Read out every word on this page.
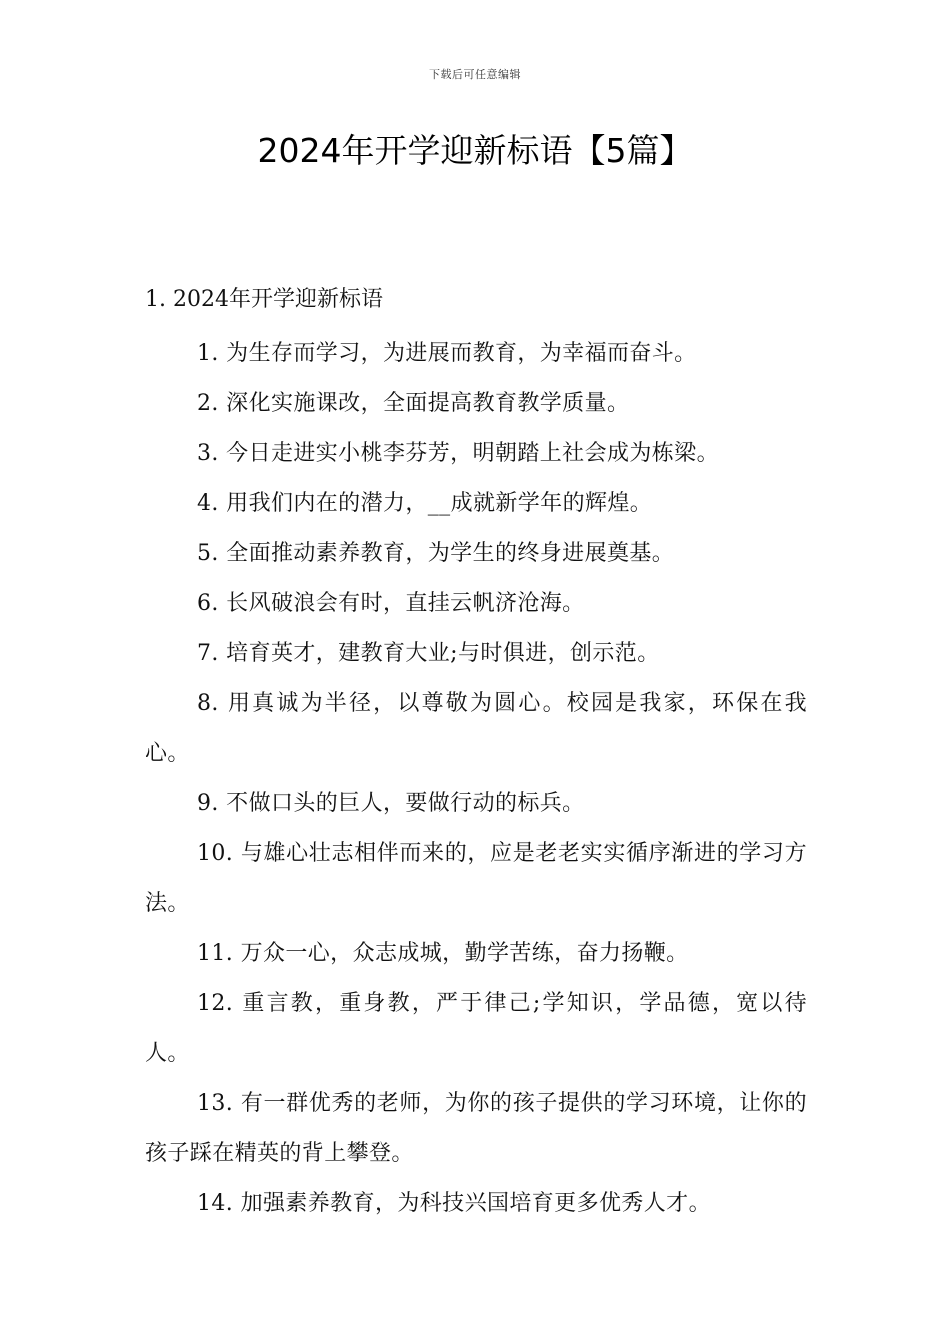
下载后可任意编辑
2024年开学迎新标语【5篇】
1. 2024年开学迎新标语
1. 为生存而学习，为进展而教育，为幸福而奋斗。
2. 深化实施课改，全面提高教育教学质量。
3. 今日走进实小桃李芬芳，明朝踏上社会成为栋梁。
4. 用我们内在的潜力，__成就新学年的辉煌。
5. 全面推动素养教育，为学生的终身进展奠基。
6. 长风破浪会有时，直挂云帆济沧海。
7. 培育英才，建教育大业;与时俱进，创示范。
8. 用真诚为半径，以尊敬为圆心。校园是我家，环保在我心。
9. 不做口头的巨人，要做行动的标兵。
10. 与雄心壮志相伴而来的，应是老老实实循序渐进的学习方法。
11. 万众一心，众志成城，勤学苦练，奋力扬鞭。
12. 重言教，重身教，严于律己;学知识，学品德，宽以待人。
13. 有一群优秀的老师，为你的孩子提供的学习环境，让你的孩子踩在精英的背上攀登。
14. 加强素养教育，为科技兴国培育更多优秀人才。
